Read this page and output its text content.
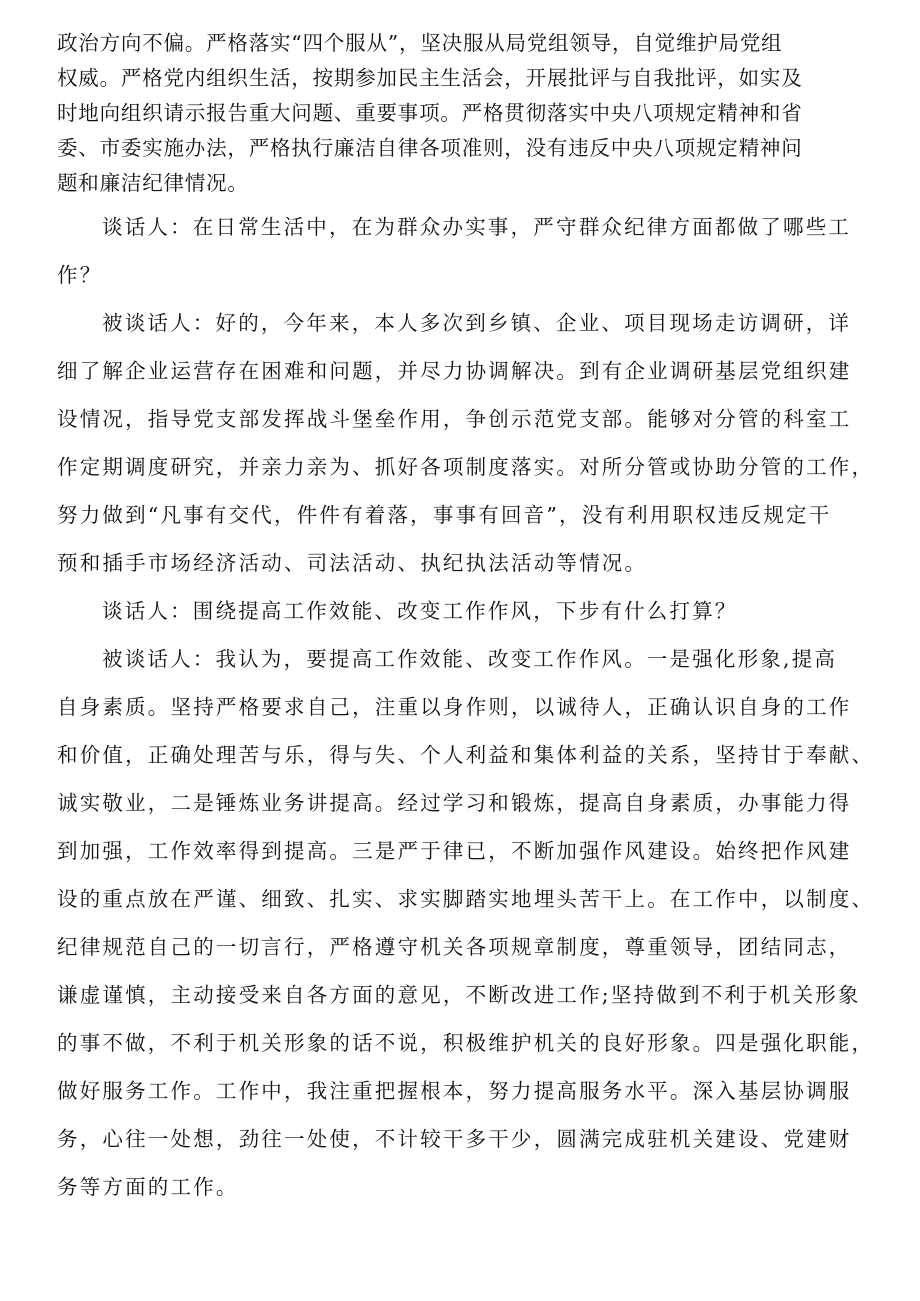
政治方向不偏。严格落实“四个服从”，坚决服从局党组领导，自觉维护局党组
权威。严格党内组织生活，按期参加民主生活会，开展批评与自我批评，如实及
时地向组织请示报告重大问题、重要事项。严格贯彻落实中央八项规定精神和省
委、市委实施办法，严格执行廉洁自律各项准则，没有违反中央八项规定精神问
题和廉洁纪律情况。
谈话人：在日常生活中，在为群众办实事，严守群众纪律方面都做了哪些工
作？
被谈话人：好的，今年来，本人多次到乡镇、企业、项目现场走访调研，详
细了解企业运营存在困难和问题，并尽力协调解决。到有企业调研基层党组织建
设情况，指导党支部发挥战斗堡垒作用，争创示范党支部。能够对分管的科室工
作定期调度研究，并亲力亲为、抓好各项制度落实。对所分管或协助分管的工作，
努力做到“凡事有交代，件件有着落，事事有回音”，没有利用职权违反规定干
预和插手市场经济活动、司法活动、执纪执法活动等情况。
谈话人：围绕提高工作效能、改变工作作风，下步有什么打算？
被谈话人：我认为，要提高工作效能、改变工作作风。一是强化形象,提高
自身素质。坚持严格要求自己，注重以身作则，以诚待人，正确认识自身的工作
和价值，正确处理苦与乐，得与失、个人利益和集体利益的关系，坚持甘于奉献、
诚实敬业，二是锤炼业务讲提高。经过学习和锻炼，提高自身素质，办事能力得
到加强，工作效率得到提高。三是严于律已，不断加强作风建设。始终把作风建
设的重点放在严谨、细致、扎实、求实脚踏实地埋头苦干上。在工作中，以制度、
纪律规范自己的一切言行，严格遵守机关各项规章制度，尊重领导，团结同志，
谦虚谨慎，主动接受来自各方面的意见，不断改进工作;坚持做到不利于机关形象
的事不做，不利于机关形象的话不说，积极维护机关的良好形象。四是强化职能，
做好服务工作。工作中，我注重把握根本，努力提高服务水平。深入基层协调服
务，心往一处想，劲往一处使，不计较干多干少，圆满完成驻机关建设、党建财
务等方面的工作。
